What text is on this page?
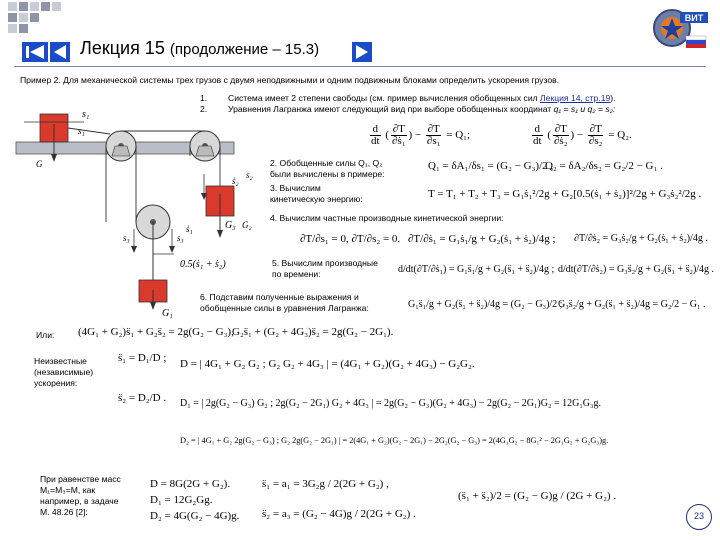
Лекция 15 (продолжение – 15.3)
ВИТ
Пример 2. Для механической системы трех грузов с двумя неподвижными и одним подвижным блоками определить ускорения грузов.
1.
2.
Система имеет 2 степени свободы (см. пример вычисления обобщенных сил Лекция 14, стр.19).
Уравнения Лагранжа имеют следующий вид при выборе обобщенных координат q₁ = s₁ и q₂ = s₂:
s₁
s₁
G
s₂
ṡ₂
G₃
s₃	s₃
0.5(ṡ₁ + ṡ₂)
G₁
ṡ₁	G₂
$\frac{d}{dt}$ ( $\frac{\partial T}{\text{∂ṡ₁}}$ ) − $\frac{\partial T}{\text{∂s₁}} = Q_1$;	$\frac{d}{dt}$ ( $\frac{\partial T}{\text{∂ṡ₂}}$ ) − $\frac{\partial T}{\text{∂s₂}} = Q_2$.
2. Обобщенные силы Q₁, Q₂
были вычислены в примере:
Q₁ = δA₁/δs₁ = (G₂ − G₃)/2 ;
Q₂ = δA₂/δs₂ = G₂/2 − G₁ .
3. Вычислим
кинетическую энергию:	T = T₁ + T₂ + T₃ = G₁ṡ₁²/2g + G₂[0.5(ṡ₁ + ṡ₂)]²/2g + G₃ṡ₂²/2g .
4. Вычислим частные производные кинетической энергии:
∂T/∂s₁ = 0, ∂T/∂s₂ = 0. ∂T/∂ṡ₁ = G₁ṡ₁/g + G₂(ṡ₁ + ṡ₂)/4g ; ∂T/∂ṡ₂ = G₃ṡ₂/g + G₂(ṡ₁ + ṡ₂)/4g .
5. Вычислим производные
по времени:	d/dt(∂T/∂ṡ₁) = G₁s̈₁/g + G₂(s̈₁ + s̈₂)/4g ; d/dt(∂T/∂ṡ₂) = G₃s̈₂/g + G₂(s̈₁ + s̈₂)/4g .
6. Подставим полученные выражения и
обобщенные силы в уравнения Лагранжа:	G₁s̈₁/g + G₂(s̈₁ + s̈₂)/4g = (G₂ − G₃)/2 ;
G₃s̈₂/g + G₂(s̈₁ + s̈₂)/4g = G₂/2 − G₁ .
Или: (4G₁ + G₂)s̈₁ + G₂s̈₂ = 2g(G₂ − G₃),
G₂s̈₁ + (G₂ + 4G₃)s̈₂ = 2g(G₂ − 2G₁).
Неизвестные
(независимые)
ускорения:
s̈₁ = D₁/D ;
s̈₂ = D₂/D .
D = | 4G₁ + G₂ G₂ ; G₂ G₂ + 4G₃ | = (4G₁ + G₂)(G₂ + 4G₃) − G₂G₂.
D₁ = | 2g(G₂ − G₃) G₂ ; 2g(G₂ − 2G₁) G₂ + 4G₃ | = 2g(G₂ − G₃)(G₂ + 4G₃) − 2g(G₂ − 2G₁)G₂ = 12G₁G₃g.
D₂ = | 4G₁ + G₂ 2g(G₂ − G₃) ; G₂ 2g(G₂ − 2G₁) | = 2(4G₁ + G₂)(G₂ − 2G₁) − 2G₂(G₂ − G₃) = 2(4G₁G₂ − 8G₁² − 2G₁G₂ + G₂G₃)g.
При равенстве масс
M₁=M₃=M, как
например, в задаче
М. 48.26 [2]:
D = 8G(2G + G₂).
D₁ = 12G₂Gg.
D₂ = 4G(G₂ − 4G)g.
s̈₁ = a₁ = 3G₂g / 2(2G + G₂) ,
s̈₂ = a₃ = (G₂ − 4G)g / 2(2G + G₂) .
(s̈₁ + s̈₂)/2 = (G₂ − G)g / (2G + G₂) .
23
